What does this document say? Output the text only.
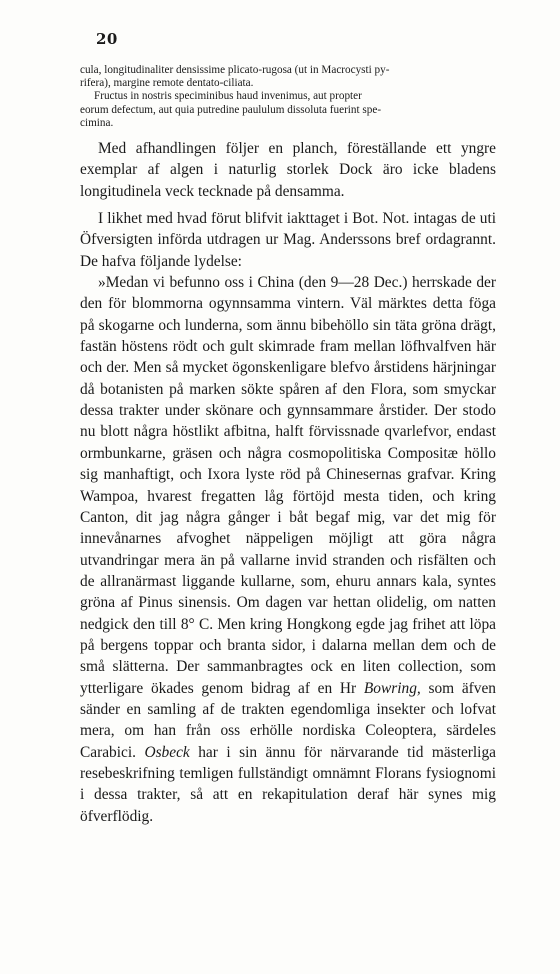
20

cula, longitudinaliter densissime plicato-rugosa (ut in Macrocysti py-

rifera), margine remote dentato-ciliata.

Fructus in nostris speciminibus haud invenimus, aut propter

eorum defectum, aut quia putredine paululum dissoluta fuerint spe-

cimina.

Med afhandlingen följer en planch, föreställande ett yngre exemplar af algen i naturlig storlek Dock äro icke bladens longitudinela veck tecknade på densamma.

I likhet med hvad förut blifvit iakttaget i Bot. Not. intagas de uti Öfversigten införda utdragen ur Mag. Anderssons bref ordagrannt. De hafva följande lydelse:

»Medan vi befunno oss i China (den 9—28 Dec.) herrskade der den för blommorna ogynnsamma vintern. Väl märktes detta föga på skogarne och lunderna, som ännu bibehöllo sin täta gröna drägt, fastän höstens rödt och gult skimrade fram mellan löfhvalfven här och der. Men så mycket ögonskenligare blefvo årstidens härjningar då botanisten på marken sökte spåren af den Flora, som smyckar dessa trakter under skönare och gynnsammare årstider. Der stodo nu blott några höstlikt afbitna, halft förvissnade qvarlefvor, endast ormbunkarne, gräsen och några cosmopolitiska Compositæ höllo sig manhaftigt, och Ixora lyste röd på Chinesernas grafvar. Kring Wampoa, hvarest fregatten låg förtöjd mesta tiden, och kring Canton, dit jag några gånger i båt begaf mig, var det mig för innevånarnes afvoghet näppeligen möjligt att göra några utvandringar mera än på vallarne invid stranden och risfälten och de allranärmast liggande kullarne, som, ehuru annars kala, syntes gröna af Pinus sinensis. Om dagen var hettan olidelig, om natten nedgick den till 8° C. Men kring Hongkong egde jag frihet att löpa på bergens toppar och branta sidor, i dalarna mellan dem och de små slätterna. Der sammanbragtes ock en liten collection, som ytterligare ökades genom bidrag af en Hr Bowring, som äfven sänder en samling af de trakten egendomliga insekter och lofvat mera, om han från oss erhölle nordiska Coleoptera, särdeles Carabici. Osbeck har i sin ännu för närvarande tid mästerliga resebeskrifning temligen fullständigt omnämnt Florans fysiognomi i dessa trakter, så att en rekapitulation deraf här synes mig öfverflödig.
